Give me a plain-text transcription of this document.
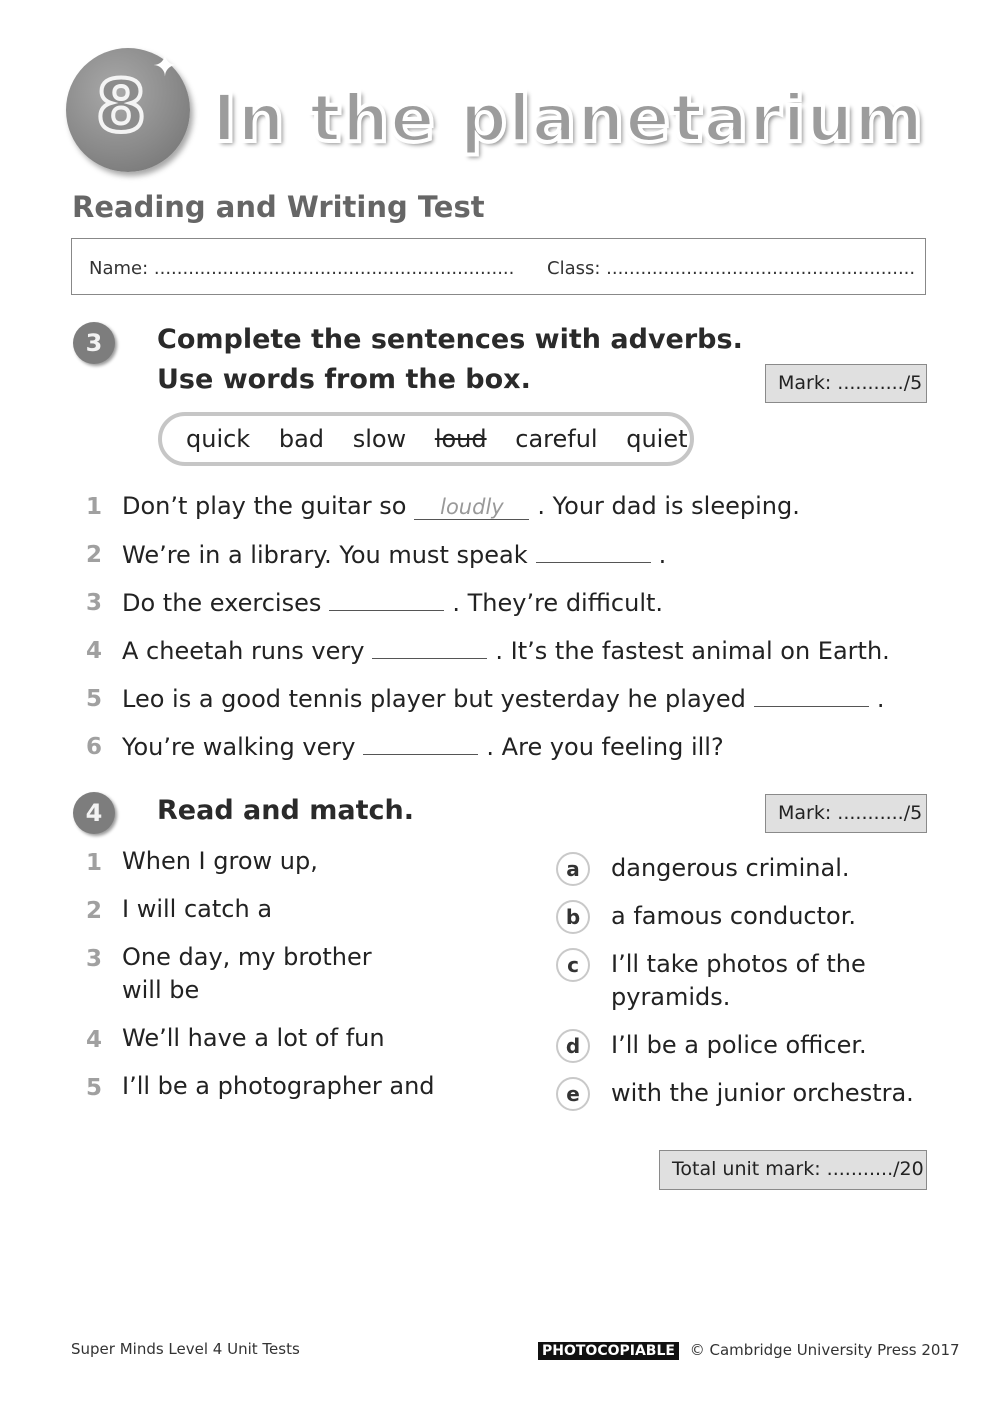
8 ✦
In the planetarium
Reading and Writing Test
Name: ............................................................... Class: ......................................................
3	Complete the sentences with adverbs.
Use words from the box.	Mark: .........../5
quick bad slow loud careful quiet
1 Don’t play the guitar so loudly . Your dad is sleeping.
2 We’re in a library. You must speak	.
3 Do the exercises	. They’re difficult.
4 A cheetah runs very	. It’s the fastest animal on Earth.
5 Leo is a good tennis player but yesterday he played	.
6 You’re walking very	. Are you feeling ill?
4	Read and match.	Mark: .........../5
1 When I grow up,
2 I will catch a
3 One day, my brother
will be
4 We’ll have a lot of fun
5 I’ll be a photographer and
a	dangerous criminal.
b	a famous conductor.
c	I’ll take photos of the
pyramids.
d	I’ll be a police officer.
e	with the junior orchestra.
Total unit mark: .........../20
Super Minds Level 4 Unit Tests	PHOTOCOPIABLE © Cambridge University Press 2017
